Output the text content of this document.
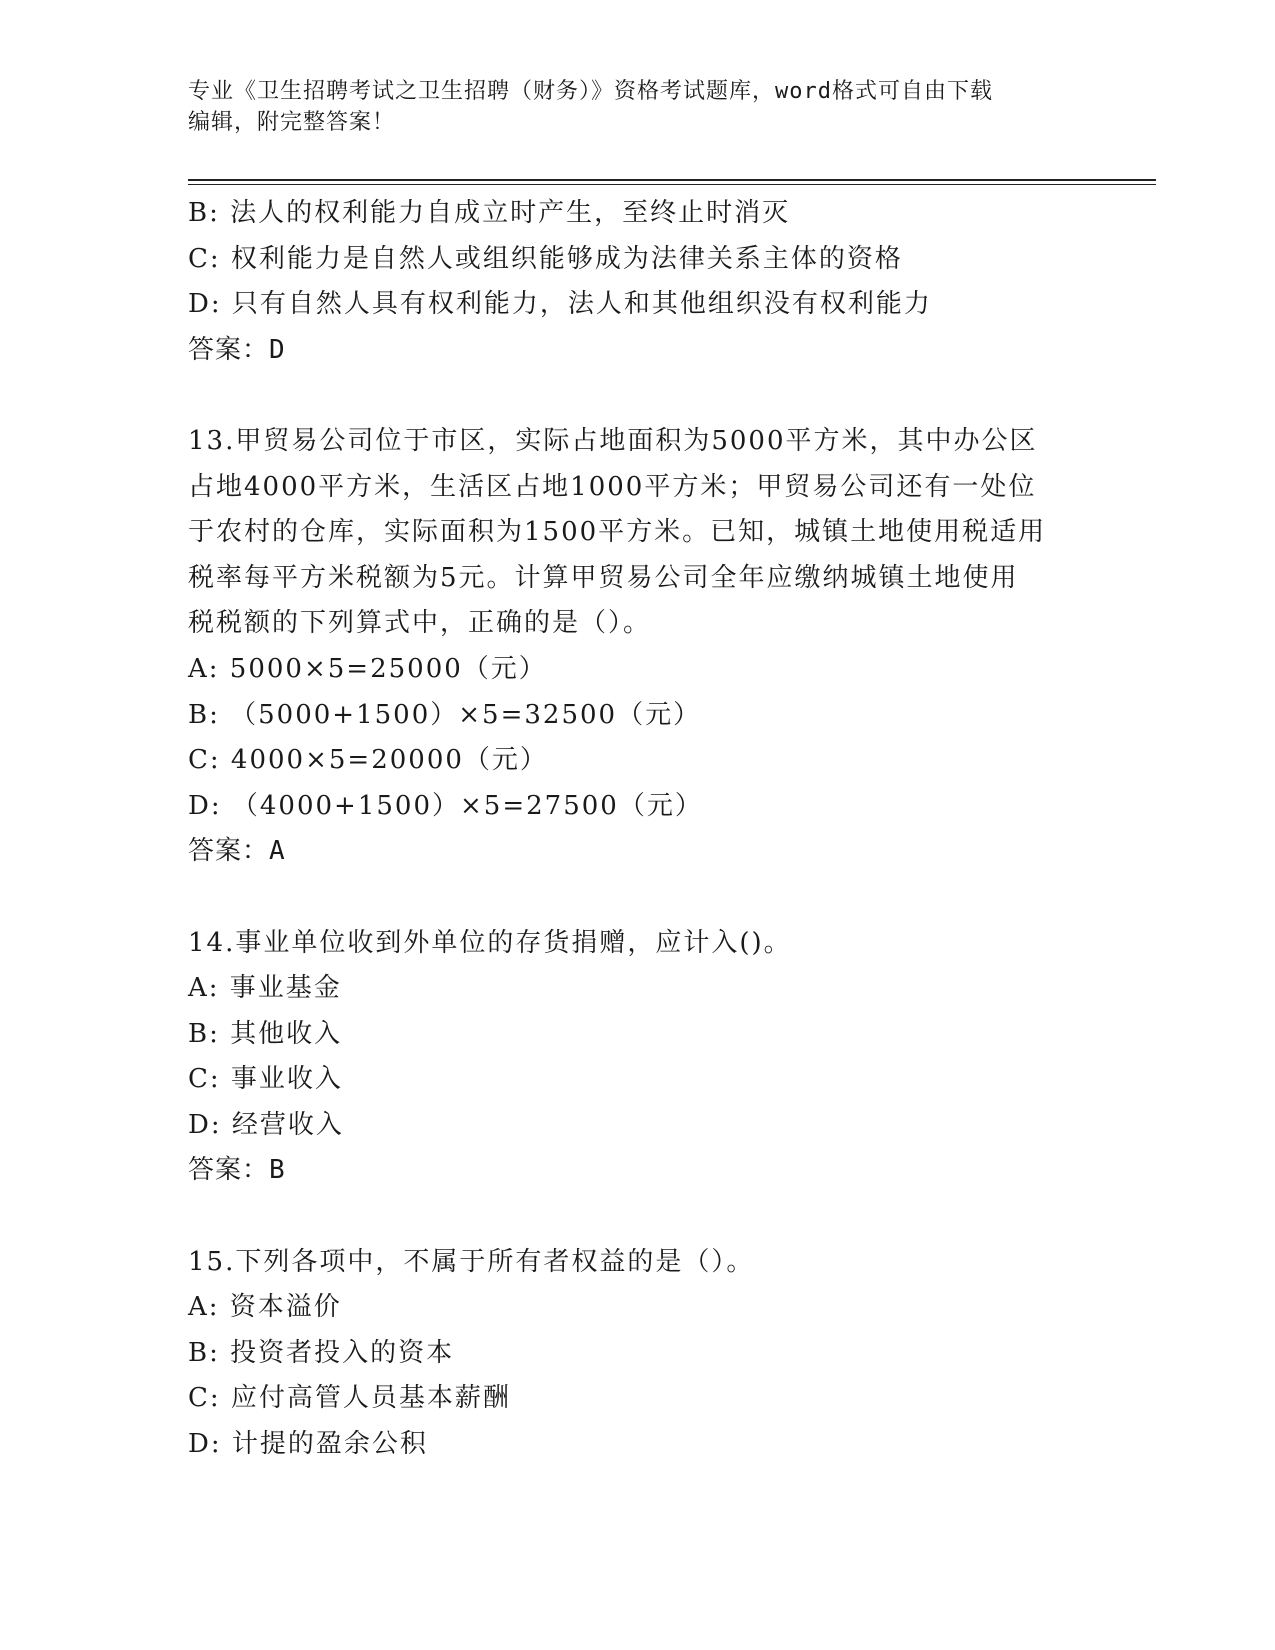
专业《卫生招聘考试之卫生招聘（财务）》资格考试题库，word格式可自由下载
编辑，附完整答案！
B: 法人的权利能力自成立时产生，至终止时消灭
C: 权利能力是自然人或组织能够成为法律关系主体的资格
D: 只有自然人具有权利能力，法人和其他组织没有权利能力
答案：D
13.甲贸易公司位于市区，实际占地面积为5000平方米，其中办公区
占地4000平方米，生活区占地1000平方米；甲贸易公司还有一处位
于农村的仓库，实际面积为1500平方米。已知，城镇土地使用税适用
税率每平方米税额为5元。计算甲贸易公司全年应缴纳城镇土地使用
税税额的下列算式中，正确的是（）。
A: 5000×5=25000（元）
B: （5000+1500）×5=32500（元）
C: 4000×5=20000（元）
D: （4000+1500）×5=27500（元）
答案：A
14.事业单位收到外单位的存货捐赠，应计入()。
A: 事业基金
B: 其他收入
C: 事业收入
D: 经营收入
答案：B
15.下列各项中，不属于所有者权益的是（）。
A: 资本溢价
B: 投资者投入的资本
C: 应付高管人员基本薪酬
D: 计提的盈余公积
